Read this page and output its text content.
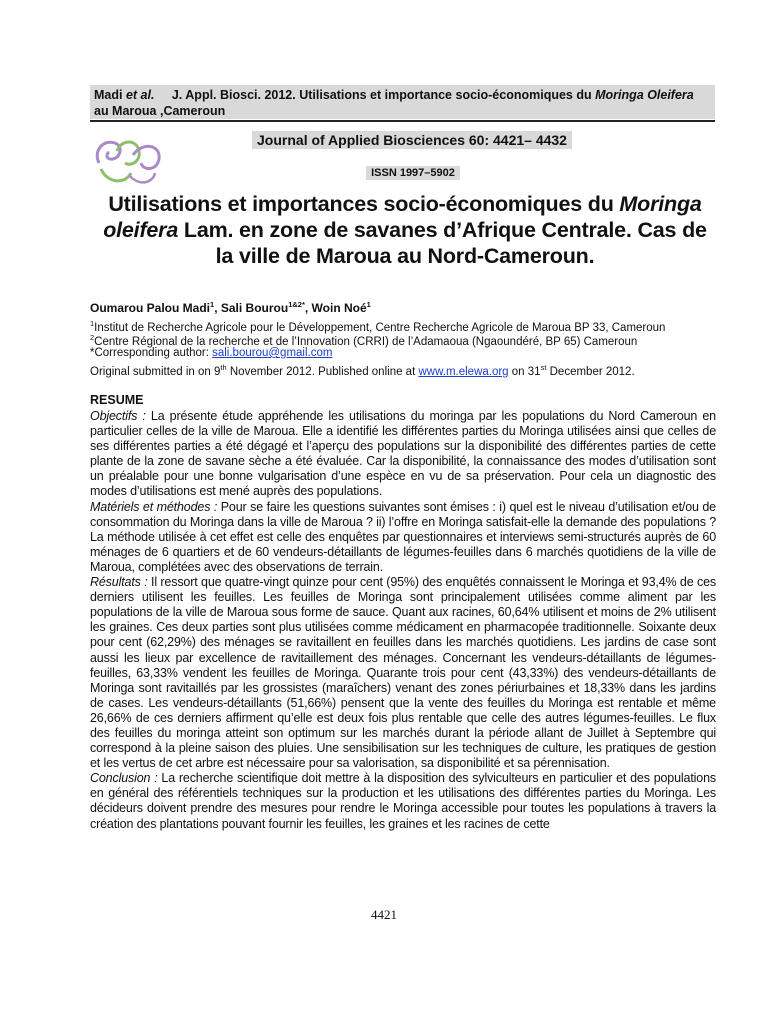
Madi et al. J. Appl. Biosci. 2012. Utilisations et importance socio-économiques du Moringa Oleifera au Maroua ,Cameroun
Journal of Applied Biosciences 60: 4421– 4432
ISSN 1997–5902
Utilisations et importances socio-économiques du Moringa oleifera Lam. en zone de savanes d’Afrique Centrale. Cas de la ville de Maroua au Nord-Cameroun.
Oumarou Palou Madi$^1$, Sali Bourou$^{1\&2*}$, Woin Noé$^1$
$^1$Institut de Recherche Agricole pour le Développement, Centre Recherche Agricole de Maroua BP 33, Cameroun
$^2$Centre Régional de la recherche et de l’Innovation (CRRI) de l’Adamaoua (Ngaoundéré, BP 65) Cameroun
*Corresponding author: sali.bourou@gmail.com
Original submitted in on 9th November 2012. Published online at www.m.elewa.org on 31st December 2012.
RESUME

Objectifs : La présente étude appréhende les utilisations du moringa par les populations du Nord Cameroun en particulier celles de la ville de Maroua. Elle a identifié les différentes parties du Moringa utilisées ainsi que celles de ses différentes parties a été dégagé et l’aperçu des populations sur la disponibilité des différentes parties de cette plante de la zone de savane sèche a été évaluée. Car la disponibilité, la connaissance des modes d’utilisation sont un préalable pour une bonne vulgarisation d’une espèce en vu de sa préservation. Pour cela un diagnostic des modes d’utilisations est mené auprès des populations.

Matériels et méthodes : Pour se faire les questions suivantes sont émises : i) quel est le niveau d’utilisation et/ou de consommation du Moringa dans la ville de Maroua ? ii) l’offre en Moringa satisfait-elle la demande des populations ? La méthode utilisée à cet effet est celle des enquêtes par questionnaires et interviews semi-structurés auprès de 60 ménages de 6 quartiers et de 60 vendeurs-détaillants de légumes-feuilles dans 6 marchés quotidiens de la ville de Maroua, complétées avec des observations de terrain.

Résultats : Il ressort que quatre-vingt quinze pour cent (95%) des enquêtés connaissent le Moringa et 93,4% de ces derniers utilisent les feuilles. Les feuilles de Moringa sont principalement utilisées comme aliment par les populations de la ville de Maroua sous forme de sauce. Quant aux racines, 60,64% utilisent et moins de 2% utilisent les graines. Ces deux parties sont plus utilisées comme médicament en pharmacopée traditionnelle. Soixante deux pour cent (62,29%) des ménages se ravitaillent en feuilles dans les marchés quotidiens. Les jardins de case sont aussi les lieux par excellence de ravitaillement des ménages. Concernant les vendeurs-détaillants de légumes-feuilles, 63,33% vendent les feuilles de Moringa. Quarante trois pour cent (43,33%) des vendeurs-détaillants de Moringa sont ravitaillés par les grossistes (maraîchers) venant des zones périurbaines et 18,33% dans les jardins de cases. Les vendeurs-détaillants (51,66%) pensent que la vente des feuilles du Moringa est rentable et même 26,66% de ces derniers affirment qu’elle est deux fois plus rentable que celle des autres légumes-feuilles. Le flux des feuilles du moringa atteint son optimum sur les marchés durant la période allant de Juillet à Septembre qui correspond à la pleine saison des pluies. Une sensibilisation sur les techniques de culture, les pratiques de gestion et les vertus de cet arbre est nécessaire pour sa valorisation, sa disponibilité et sa pérennisation.

Conclusion : La recherche scientifique doit mettre à la disposition des sylviculteurs en particulier et des populations en général des référentiels techniques sur la production et les utilisations des différentes parties du Moringa. Les décideurs doivent prendre des mesures pour rendre le Moringa accessible pour toutes les populations à travers la création des plantations pouvant fournir les feuilles, les graines et les racines de cette

4421
